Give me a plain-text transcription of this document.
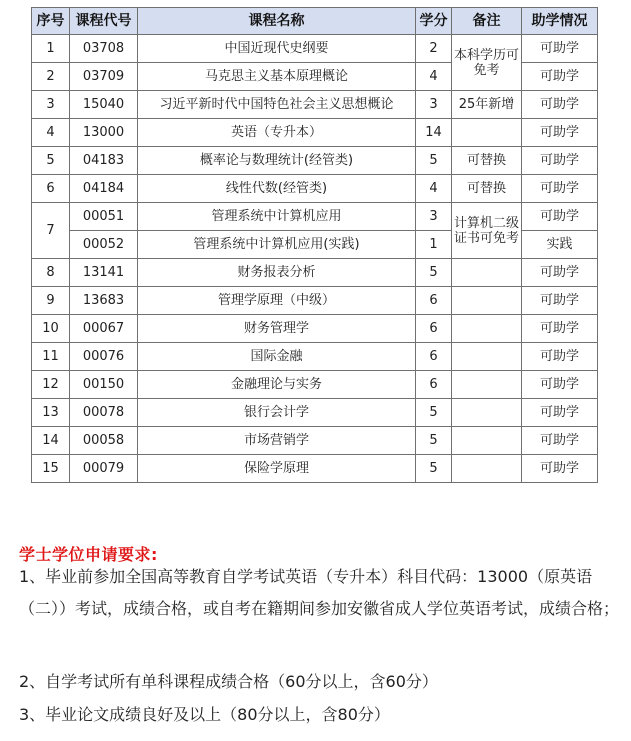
序号	课程代号	课程名称	学分	备注	助学情况
1	03708	中国近现代史纲要	2	本科学历可免考	可助学
2	03709	马克思主义基本原理概论	4		可助学
3	15040	习近平新时代中国特色社会主义思想概论	3	25年新增	可助学
4	13000	英语（专升本）	14		可助学
5	04183	概率论与数理统计(经管类)	5	可替换	可助学
6	04184	线性代数(经管类)	4	可替换	可助学
7	00051	管理系统中计算机应用	3	计算机二级证书可免考	可助学
	00052	管理系统中计算机应用(实践)	1		实践
8	13141	财务报表分析	5		可助学
9	13683	管理学原理（中级）	6		可助学
10	00067	财务管理学	6		可助学
11	00076	国际金融	6		可助学
12	00150	金融理论与实务	6		可助学
13	00078	银行会计学	5		可助学
14	00058	市场营销学	5		可助学
15	00079	保险学原理	5		可助学
学士学位申请要求:
1、毕业前参加全国高等教育自学考试英语（专升本）科目代码：13000（原英语（二））考试，成绩合格，或自考在籍期间参加安徽省成人学位英语考试，成绩合格；
2、自学考试所有单科课程成绩合格（60分以上，含60分）
3、毕业论文成绩良好及以上（80分以上，含80分）
